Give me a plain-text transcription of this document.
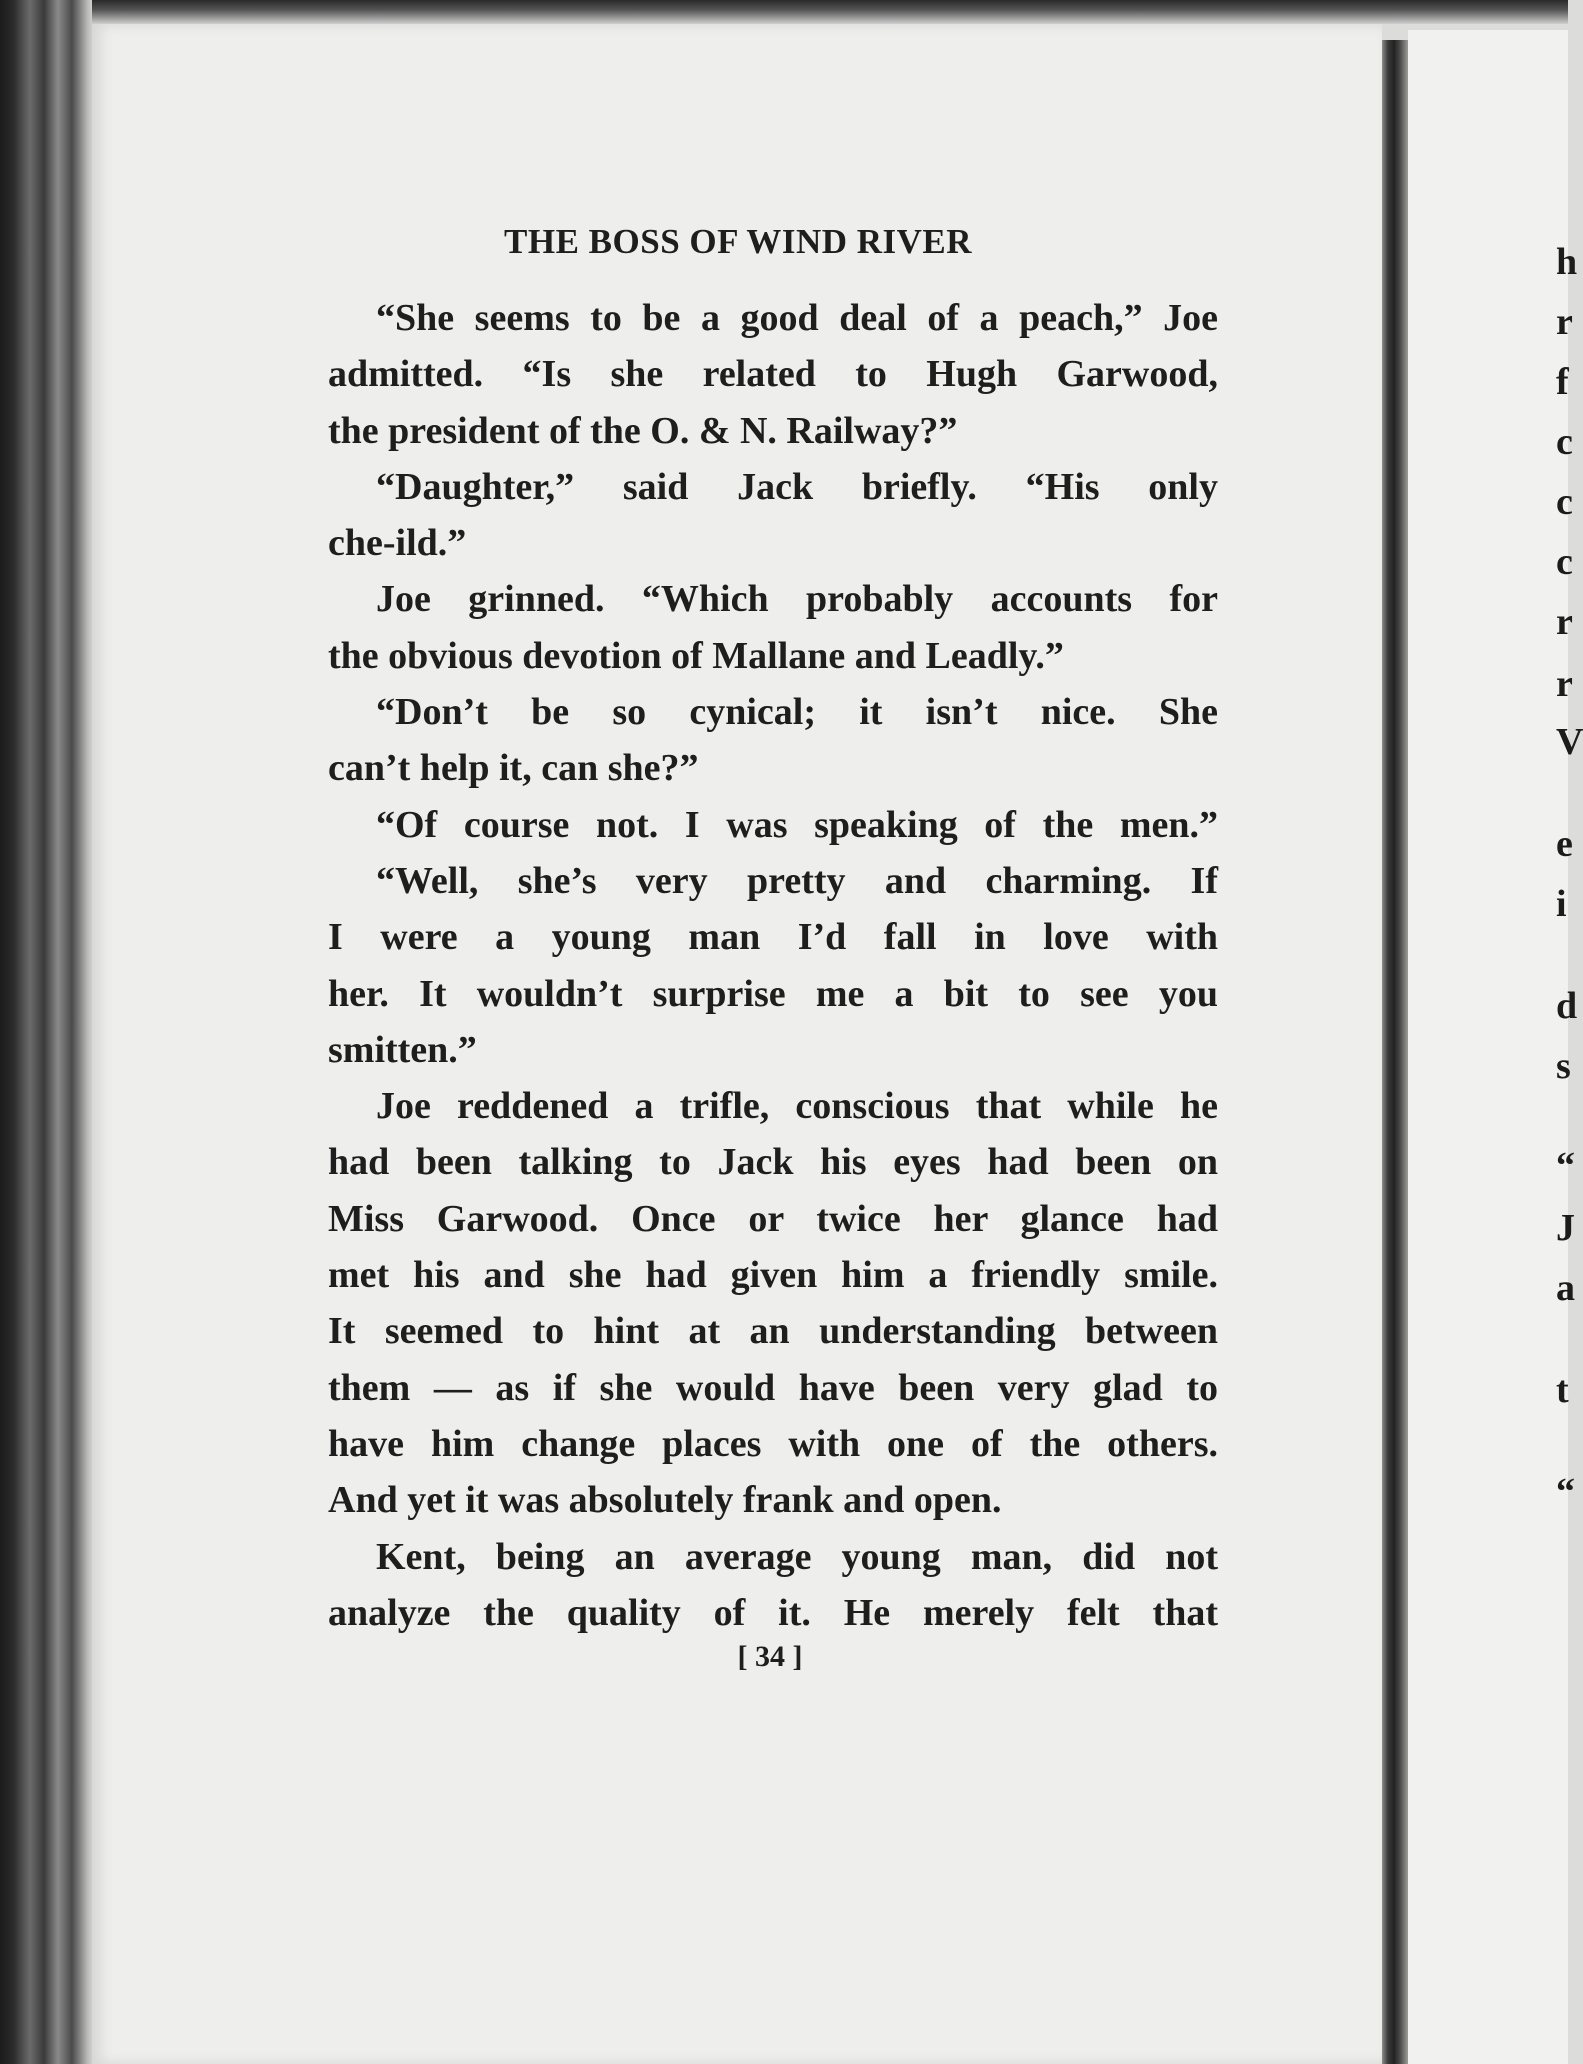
THE BOSS OF WIND RIVER
“She seems to be a good deal of a peach,” Joe
admitted. “Is she related to Hugh Garwood,
the president of the O. & N. Railway?”
“Daughter,” said Jack briefly. “His only
che-ild.”
Joe grinned. “Which probably accounts for
the obvious devotion of Mallane and Leadly.”
“Don’t be so cynical; it isn’t nice. She
can’t help it, can she?”
“Of course not. I was speaking of the men.”
“Well, she’s very pretty and charming. If
I were a young man I’d fall in love with
her. It wouldn’t surprise me a bit to see you
smitten.”
Joe reddened a trifle, conscious that while he
had been talking to Jack his eyes had been on
Miss Garwood. Once or twice her glance had
met his and she had given him a friendly smile.
It seemed to hint at an understanding between
them — as if she would have been very glad to
have him change places with one of the others.
And yet it was absolutely frank and open.
Kent, being an average young man, did not
analyze the quality of it. He merely felt that
[ 34 ]
h
r
f
c
c
c
r
r
V
e
i
d
s
“
J
a
t
“
